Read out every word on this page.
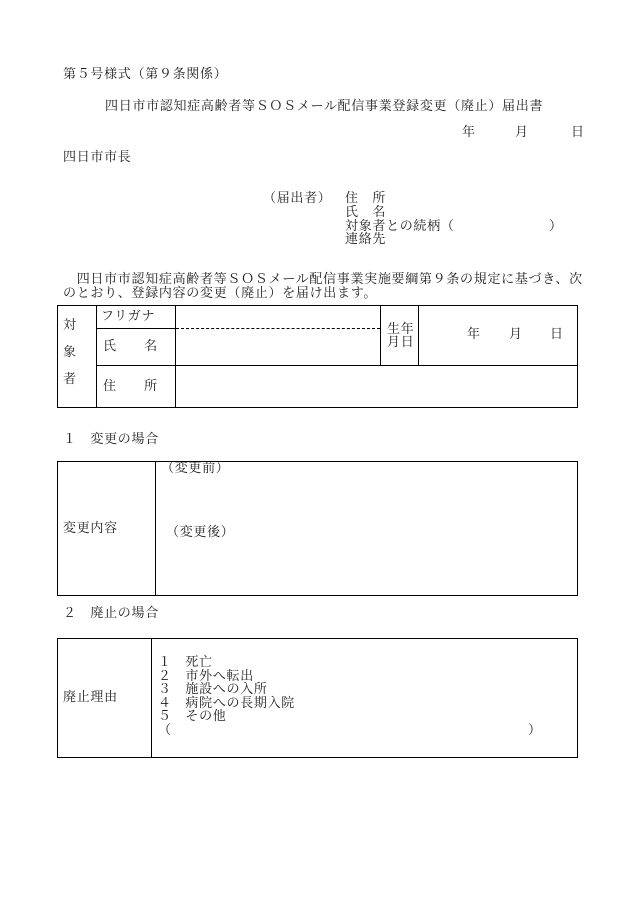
第５号様式（第９条関係）
四日市市認知症高齢者等ＳＯＳメール配信事業登録変更（廃止）届出書
年	月	日
四日市市長
（届出者） 住　所
氏　名
対象者との続柄（	）
連絡先
　四日市市認知症高齢者等ＳＯＳメール配信事業実施要綱第９条の規定に基づき、次
のとおり、登録内容の変更（廃止）を届け出ます。
対象者
フリガナ
氏　　名
生年
月日	年 月 日
住　　所
１　変更の場合
変更内容
（変更前）
（変更後）
２　廃止の場合
廃止理由
１　死亡
２　市外へ転出
３　施設への入所
４　病院への長期入院
５　その他
（	）
